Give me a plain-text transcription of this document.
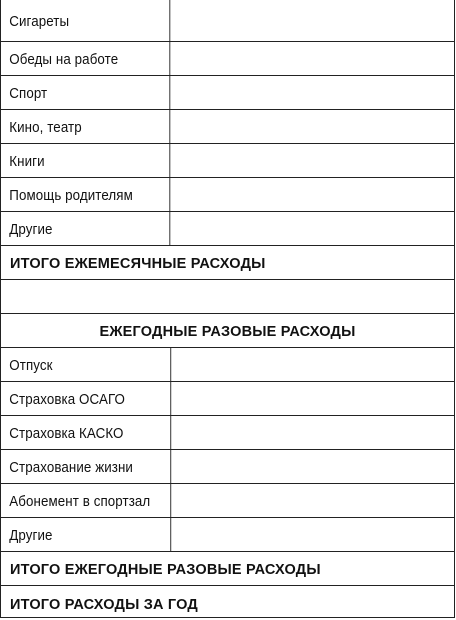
Сигареты
Обеды на работе
Спорт
Кино, театр
Книги
Помощь родителям
Другие
ИТОГО ЕЖЕМЕСЯЧНЫЕ РАСХОДЫ
ЕЖЕГОДНЫЕ РАЗОВЫЕ РАСХОДЫ
Отпуск
Страховка ОСАГО
Страховка КАСКО
Страхование жизни
Абонемент в спортзал
Другие
ИТОГО ЕЖЕГОДНЫЕ РАЗОВЫЕ РАСХОДЫ
ИТОГО РАСХОДЫ ЗА ГОД
